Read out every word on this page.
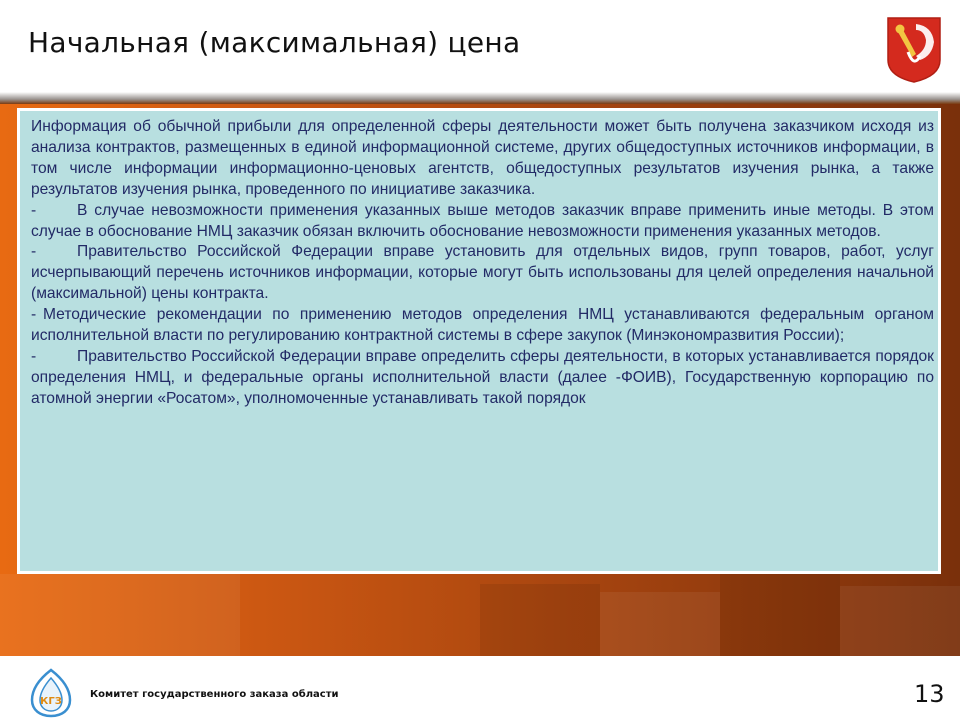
Начальная (максимальная) цена

Информация об обычной прибыли для определенной сферы деятельности может быть получена заказчиком исходя из анализа контрактов, размещенных в единой информационной системе, других общедоступных источников информации, в том числе информации информационно-ценовых агентств, общедоступных результатов изучения рынка, а также результатов изучения рынка, проведенного по инициативе заказчика.

-	В случае невозможности применения указанных выше методов заказчик вправе применить иные методы. В этом случае в обоснование НМЦ заказчик обязан включить обоснование невозможности применения указанных методов.

-	Правительство Российской Федерации вправе установить для отдельных видов, групп товаров, работ, услуг исчерпывающий перечень источников информации, которые могут быть использованы для целей определения начальной (максимальной) цены контракта.

- Методические рекомендации по применению методов определения НМЦ устанавливаются федеральным органом исполнительной власти по регулированию контрактной системы в сфере закупок (Минэкономразвития России);

-	Правительство Российской Федерации вправе определить сферы деятельности, в которых устанавливается порядок определения НМЦ, и федеральные органы исполнительной власти (далее -ФОИВ), Государственную корпорацию по атомной энергии «Росатом», уполномоченные устанавливать такой порядок

КГЗ
Комитет государственного заказа области	13
